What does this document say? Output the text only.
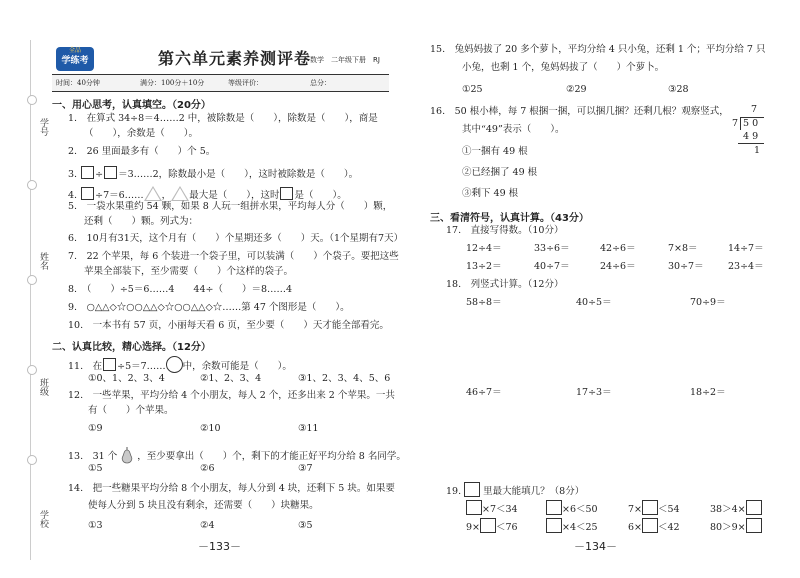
学号
姓名
班级
学校
全品
学练考	第六单元素养测评卷
数学　二年级下册　RJ
时间：40分钟	满分：100分＋10分	等级评价：	总分：
一、用心思考，认真填空。（20分）
1.　在算式 34÷8＝4……2 中，被除数是（　　），除数是（　　），商是
（　　），余数是（　　）。
2.　26 里面最多有（　　）个 5。
3. ÷ ＝3……2，除数最小是（　　），这时被除数是（　　）。
4. ÷7＝6…… ， 最大是（　　），这时 是（　　）。
5.　一袋水果重约 54 颗，如果 8 人玩一组拼水果，平均每人分（　　）颗，
还剩（　　）颗。列式为：
6.　10月有31天，这个月有（　　）个星期还多（　　）天。（1个星期有7天）
7.　22 个苹果，每 6 个装进一个袋子里，可以装满（　　）个袋子。要把这些
苹果全部装下，至少需要（　　）个这样的袋子。
8.　（　　）÷5＝6……4　　44÷（　　）＝8……4
9.　○△△◇☆○○△△◇☆○○△△◇☆……第 47 个图形是（　　）。
10.　一本书有 57 页，小丽每天看 6 页，至少要（　　）天才能全部看完。
二、认真比较，精心选择。（12分）
11.　在 ÷5＝7…… 中，余数可能是（　　）。
①0、1、2、3、4	②1、2、3、4	③1、2、3、4、5、6
12.　一些苹果，平均分给 4 个小朋友，每人 2 个，还多出来 2 个苹果。一共
有（　　）个苹果。
①9	②10	③11
13.　31 个 ，至少要拿出（　　）个，剩下的才能正好平均分给 8 名同学。
①5	②6	③7
14.　把一些糖果平均分给 8 个小朋友，每人分到 4 块，还剩下 5 块。如果要
使每人分到 5 块且没有剩余，还需要（　　）块糖果。
①3	②4	③5
－133－
15.　兔妈妈拔了 20 多个萝卜，平均分给 4 只小兔，还剩 1 个；平均分给 7 只
小兔，也剩 1 个，兔妈妈拔了（　　）个萝卜。
①25	②29	③28
16.　50 根小棒，每 7 根捆一捆，可以捆几捆？还剩几根？观察竖式，
其中“49”表示（　　）。
①一捆有 49 根
②已经捆了 49 根
③剩下 49 根
7
7 5 0
4 9
1
三、看清符号，认真计算。（43分）
17.　直接写得数。（10分）
12÷4＝	33÷6＝	42÷6＝	7×8＝	14÷7＝
13÷2＝	40÷7＝	24÷6＝	30÷7＝	23÷4＝
18.　列竖式计算。（12分）
58÷8＝	40÷5＝	70÷9＝
46÷7＝	17÷3＝	18÷2＝
19. 里最大能填几？（8分）
×7＜34	×6＜50	7× ＜54	38＞4×
9× ＜76	×4＜25	6× ＜42	80＞9×
－134－
